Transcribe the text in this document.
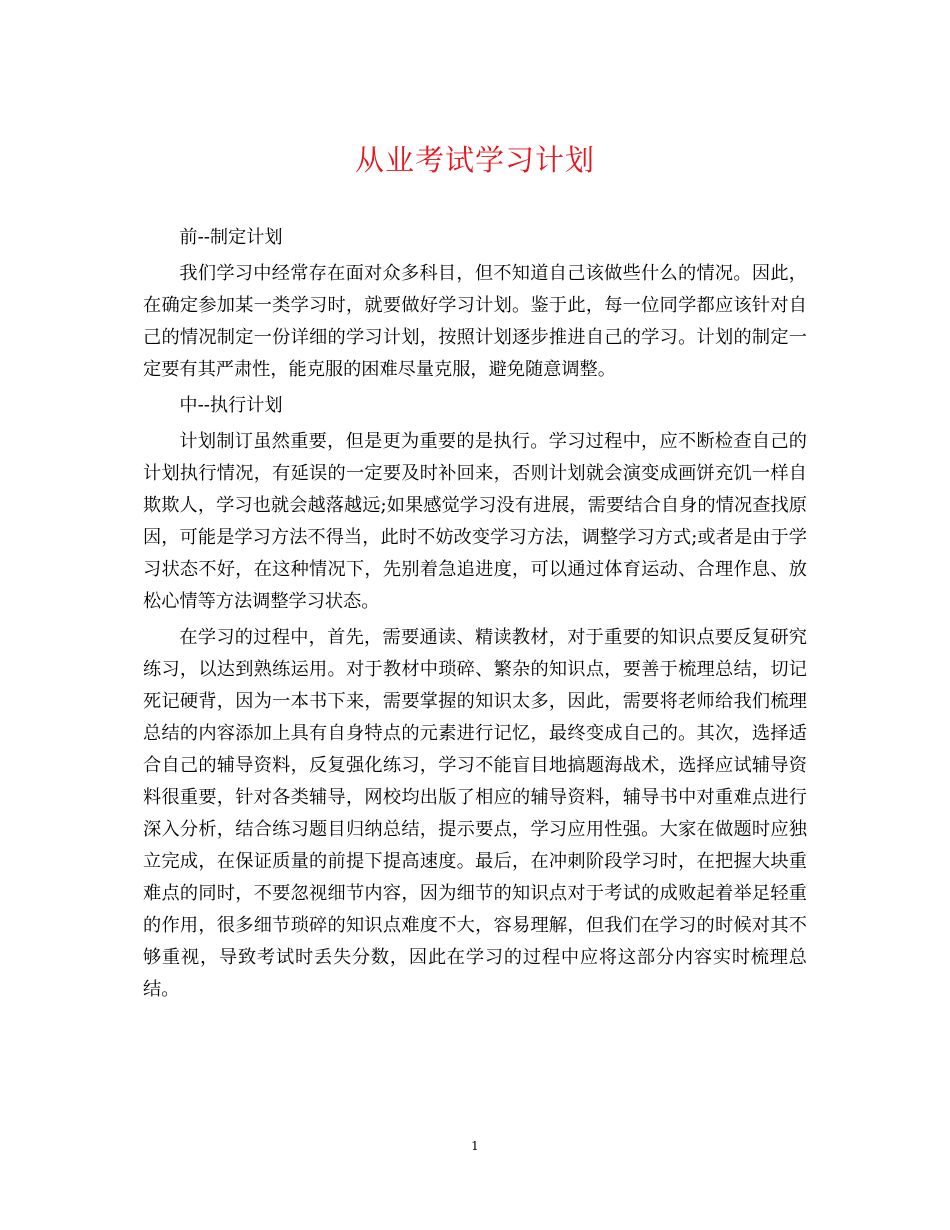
从业考试学习计划

前--制定计划

我们学习中经常存在面对众多科目，但不知道自己该做些什么的情况。因此，在确定参加某一类学习时，就要做好学习计划。鉴于此，每一位同学都应该针对自己的情况制定一份详细的学习计划，按照计划逐步推进自己的学习。计划的制定一定要有其严肃性，能克服的困难尽量克服，避免随意调整。

中--执行计划

计划制订虽然重要，但是更为重要的是执行。学习过程中，应不断检查自己的计划执行情况，有延误的一定要及时补回来，否则计划就会演变成画饼充饥一样自欺欺人，学习也就会越落越远;如果感觉学习没有进展，需要结合自身的情况查找原因，可能是学习方法不得当，此时不妨改变学习方法，调整学习方式;或者是由于学习状态不好，在这种情况下，先别着急追进度，可以通过体育运动、合理作息、放松心情等方法调整学习状态。

在学习的过程中，首先，需要通读、精读教材，对于重要的知识点要反复研究练习，以达到熟练运用。对于教材中琐碎、繁杂的知识点，要善于梳理总结，切记死记硬背，因为一本书下来，需要掌握的知识太多，因此，需要将老师给我们梳理总结的内容添加上具有自身特点的元素进行记忆，最终变成自己的。其次，选择适合自己的辅导资料，反复强化练习，学习不能盲目地搞题海战术，选择应试辅导资料很重要，针对各类辅导，网校均出版了相应的辅导资料，辅导书中对重难点进行深入分析，结合练习题目归纳总结，提示要点，学习应用性强。大家在做题时应独立完成，在保证质量的前提下提高速度。最后，在冲刺阶段学习时，在把握大块重难点的同时，不要忽视细节内容，因为细节的知识点对于考试的成败起着举足轻重的作用，很多细节琐碎的知识点难度不大，容易理解，但我们在学习的时候对其不够重视，导致考试时丢失分数，因此在学习的过程中应将这部分内容实时梳理总结。

1
